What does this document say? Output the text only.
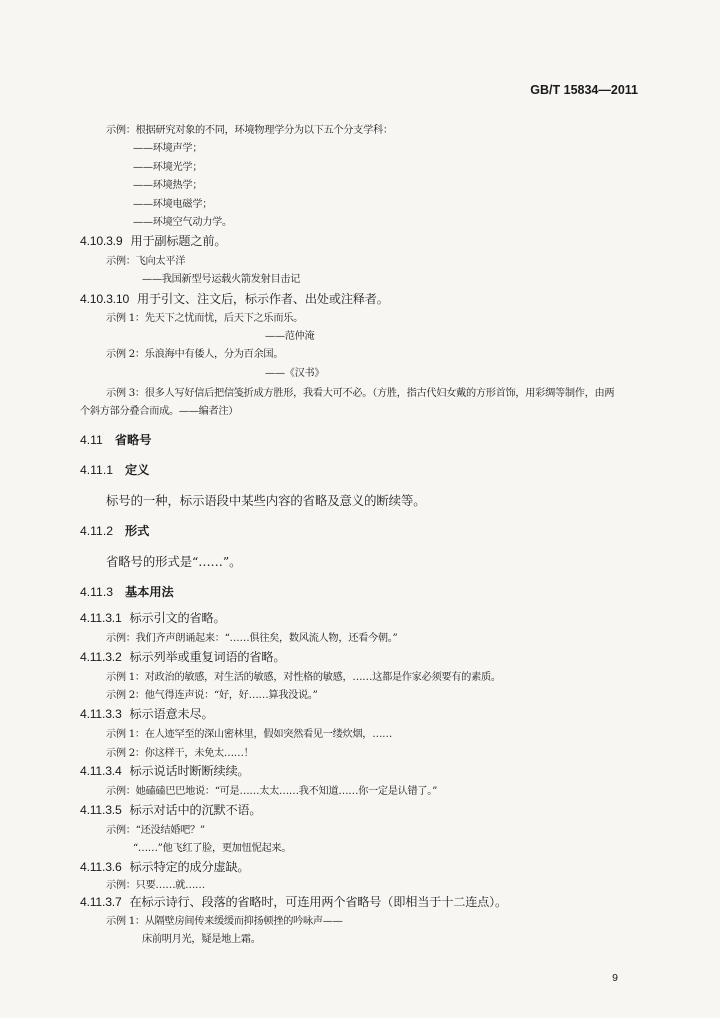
GB/T 15834—2011
示例：根据研究对象的不同，环境物理学分为以下五个分支学科：
——环境声学；
——环境光学；
——环境热学；
——环境电磁学；
——环境空气动力学。
4.10.3.9 用于副标题之前。
示例：飞向太平洋
——我国新型号运载火箭发射目击记
4.10.3.10 用于引文、注文后，标示作者、出处或注释者。
示例 1：先天下之忧而忧，后天下之乐而乐。
——范仲淹
示例 2：乐浪海中有倭人，分为百余国。
——《汉书》
示例 3：很多人写好信后把信笺折成方胜形，我看大可不必。（方胜，指古代妇女戴的方形首饰，用彩绸等制作，由两
个斜方部分叠合而成。——编者注）
4.11 省略号
4.11.1 定义
标号的一种，标示语段中某些内容的省略及意义的断续等。
4.11.2 形式
省略号的形式是“……”。
4.11.3 基本用法
4.11.3.1 标示引文的省略。
示例：我们齐声朗诵起来：“……俱往矣，数风流人物，还看今朝。”
4.11.3.2 标示列举或重复词语的省略。
示例 1：对政治的敏感，对生活的敏感，对性格的敏感，……这都是作家必须要有的素质。
示例 2：他气得连声说：“好，好……算我没说。”
4.11.3.3 标示语意未尽。
示例 1：在人迹罕至的深山密林里，假如突然看见一缕炊烟，……
示例 2：你这样干，未免太……！
4.11.3.4 标示说话时断断续续。
示例：她磕磕巴巴地说：“可是……太太……我不知道……你一定是认错了。”
4.11.3.5 标示对话中的沉默不语。
示例：“还没结婚吧？”
“……”他飞红了脸，更加忸怩起来。
4.11.3.6 标示特定的成分虚缺。
示例：只要……就……
4.11.3.7 在标示诗行、段落的省略时，可连用两个省略号（即相当于十二连点）。
示例 1：从隔壁房间传来缓缓而抑扬顿挫的吟咏声——
床前明月光，疑是地上霜。
9
